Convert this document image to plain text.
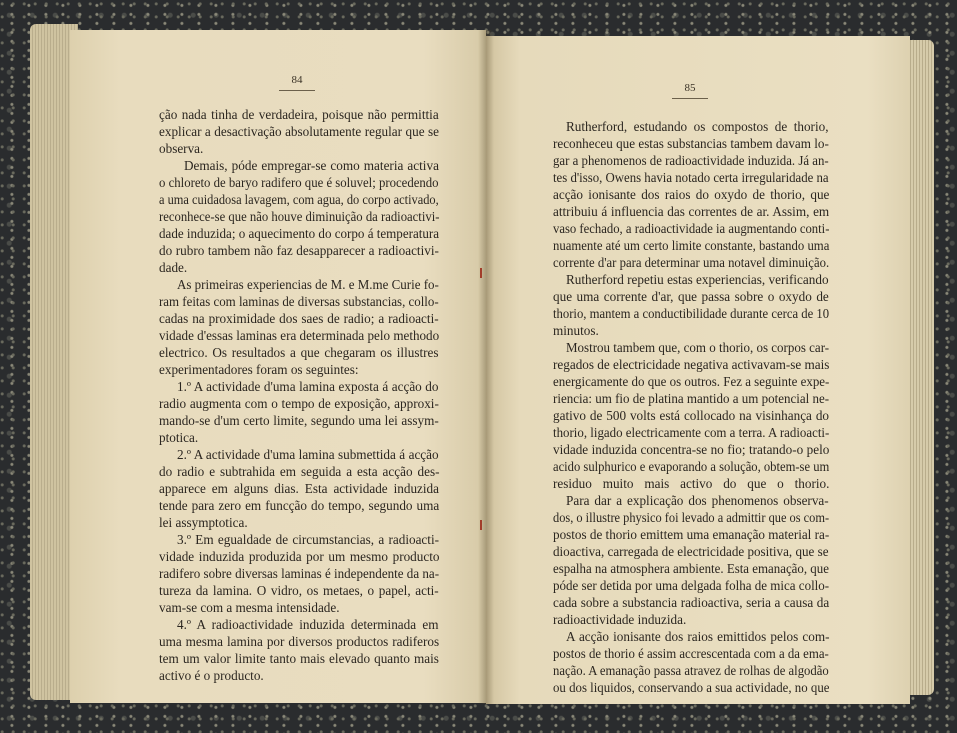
84
85
ção nada tinha de verdadeira, poisque não permittia
explicar a desactivação absolutamente regular que se
observa.
Demais, póde empregar-se como materia activa
o chloreto de baryo radifero que é soluvel; procedendo
a uma cuidadosa lavagem, com agua, do corpo activado,
reconhece-se que não houve diminuição da radioactivi-
dade induzida; o aquecimento do corpo á temperatura
do rubro tambem não faz desapparecer a radioactivi-
dade.
As primeiras experiencias de M. e M.me Curie fo-
ram feitas com laminas de diversas substancias, collo-
cadas na proximidade dos saes de radio; a radioacti-
vidade d'essas laminas era determinada pelo methodo
electrico. Os resultados a que chegaram os illustres
experimentadores foram os seguintes:
1.º A actividade d'uma lamina exposta á acção do
radio augmenta com o tempo de exposição, approxi-
mando-se d'um certo limite, segundo uma lei assym-
ptotica.
2.º A actividade d'uma lamina submettida á acção
do radio e subtrahida em seguida a esta acção des-
apparece em alguns dias. Esta actividade induzida
tende para zero em funcção do tempo, segundo uma
lei assymptotica.
3.º Em egualdade de circumstancias, a radioacti-
vidade induzida produzida por um mesmo producto
radifero sobre diversas laminas é independente da na-
tureza da lamina. O vidro, os metaes, o papel, acti-
vam-se com a mesma intensidade.
4.º A radioactividade induzida determinada em
uma mesma lamina por diversos productos radiferos
tem um valor limite tanto mais elevado quanto mais
activo é o producto.
Rutherford, estudando os compostos de thorio,
reconheceu que estas substancias tambem davam lo-
gar a phenomenos de radioactividade induzida. Já an-
tes d'isso, Owens havia notado certa irregularidade na
acção ionisante dos raios do oxydo de thorio, que
attribuiu á influencia das correntes de ar. Assim, em
vaso fechado, a radioactividade ia augmentando conti-
nuamente até um certo limite constante, bastando uma
corrente d'ar para determinar uma notavel diminuição.
Rutherford repetiu estas experiencias, verificando
que uma corrente d'ar, que passa sobre o oxydo de
thorio, mantem a conductibilidade durante cerca de 10
minutos.
Mostrou tambem que, com o thorio, os corpos car-
regados de electricidade negativa activavam-se mais
energicamente do que os outros. Fez a seguinte expe-
riencia: um fio de platina mantido a um potencial ne-
gativo de 500 volts está collocado na visinhança do
thorio, ligado electricamente com a terra. A radioacti-
vidade induzida concentra-se no fio; tratando-o pelo
acido sulphurico e evaporando a solução, obtem-se um
residuo muito mais activo do que o thorio.
Para dar a explicação dos phenomenos observa-
dos, o illustre physico foi levado a admittir que os com-
postos de thorio emittem uma emanação material ra-
dioactiva, carregada de electricidade positiva, que se
espalha na atmosphera ambiente. Esta emanação, que
póde ser detida por uma delgada folha de mica collo-
cada sobre a substancia radioactiva, seria a causa da
radioactividade induzida.
A acção ionisante dos raios emittidos pelos com-
postos de thorio é assim accrescentada com a da ema-
nação. A emanação passa atravez de rolhas de algodão
ou dos liquidos, conservando a sua actividade, no que
